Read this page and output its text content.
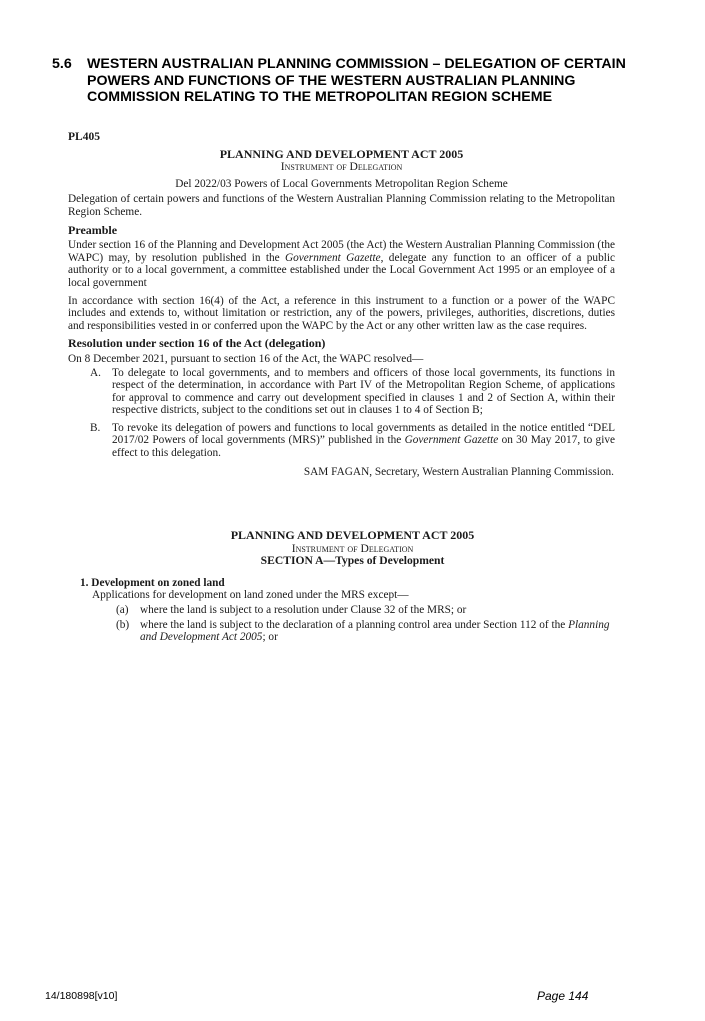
5.6 WESTERN AUSTRALIAN PLANNING COMMISSION – DELEGATION OF CERTAIN POWERS AND FUNCTIONS OF THE WESTERN AUSTRALIAN PLANNING COMMISSION RELATING TO THE METROPOLITAN REGION SCHEME

PL405

PLANNING AND DEVELOPMENT ACT 2005

Instrument of Delegation

Del 2022/03 Powers of Local Governments Metropolitan Region Scheme

Delegation of certain powers and functions of the Western Australian Planning Commission relating to the Metropolitan Region Scheme.

Preamble

Under section 16 of the Planning and Development Act 2005 (the Act) the Western Australian Planning Commission (the WAPC) may, by resolution published in the Government Gazette, delegate any function to an officer of a public authority or to a local government, a committee established under the Local Government Act 1995 or an employee of a local government

In accordance with section 16(4) of the Act, a reference in this instrument to a function or a power of the WAPC includes and extends to, without limitation or restriction, any of the powers, privileges, authorities, discretions, duties and responsibilities vested in or conferred upon the WAPC by the Act or any other written law as the case requires.

Resolution under section 16 of the Act (delegation)

On 8 December 2021, pursuant to section 16 of the Act, the WAPC resolved—

A. To delegate to local governments, and to members and officers of those local governments, its functions in respect of the determination, in accordance with Part IV of the Metropolitan Region Scheme, of applications for approval to commence and carry out development specified in clauses 1 and 2 of Section A, within their respective districts, subject to the conditions set out in clauses 1 to 4 of Section B;

B. To revoke its delegation of powers and functions to local governments as detailed in the notice entitled “DEL 2017/02 Powers of local governments (MRS)” published in the Government Gazette on 30 May 2017, to give effect to this delegation.

SAM FAGAN, Secretary, Western Australian Planning Commission.

PLANNING AND DEVELOPMENT ACT 2005

Instrument of Delegation

SECTION A—Types of Development

1. Development on zoned land

Applications for development on land zoned under the MRS except—

(a) where the land is subject to a resolution under Clause 32 of the MRS; or

(b) where the land is subject to the declaration of a planning control area under Section 112 of the Planning and Development Act 2005; or

14/180898[v10]	Page 144
